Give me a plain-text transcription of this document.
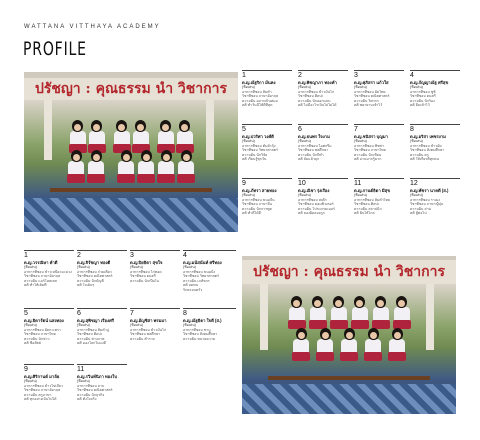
WATTANA VITTHAYA ACADEMY
PROFILE
ปรัชญา : คุณธรรม นำ วิชาการ
1
ด.ญ.ณัฐริกา มั่นคง
(ชื่อเล่น)
อาหารที่ชอบ ส้มตำ
วิชาที่ชอบ ภาษาอังกฤษ
ความฝัน อยากเป็นหมอ
คติ ทำวันนี้ให้ดีที่สุด
2
ด.ญ.พิชญาภา ทองคำ
(ชื่อเล่น)
อาหารที่ชอบ ข้าวมันไก่
วิชาที่ชอบ ศิลปะ
ความฝัน นักออกแบบ
คติ ไม่มีอะไรเป็นไปไม่ได้
3
ด.ญ.ศุภิสรา แก้วใส
(ชื่อเล่น)
อาหารที่ชอบ ผัดไทย
วิชาที่ชอบ คณิตศาสตร์
ความฝัน วิศวกร
คติ พยายามเข้าไว้
4
ด.ญ.กัญญาณัฐ ศรีสุข
(ชื่อเล่น)
อาหารที่ชอบ ซูชิ
วิชาที่ชอบ ดนตรี
ความฝัน นักร้อง
คติ ยิ้มเข้าไว้
5
ด.ญ.ปวริศา วงศ์ดี
(ชื่อเล่น)
อาหารที่ชอบ ต้มยำกุ้ง
วิชาที่ชอบ วิทยาศาสตร์
ความฝัน นักวิจัย
คติ เรียนรู้ทุกวัน
6
ด.ญ.ธนพร ใจงาม
(ชื่อเล่น)
อาหารที่ชอบ ไอศกรีม
วิชาที่ชอบ พลศึกษา
ความฝัน นักกีฬา
คติ ล้มแล้วลุก
7
ด.ญ.ชนิสรา บุญมา
(ชื่อเล่น)
อาหารที่ชอบ พิซซ่า
วิชาที่ชอบ ภาษาไทย
ความฝัน นักเขียน
คติ อ่านมากรู้มาก
8
ด.ญ.อริสา เพชรงาม
(ชื่อเล่น)
อาหารที่ชอบ ข้าวผัด
วิชาที่ชอบ สังคมศึกษา
ความฝัน ครู
คติ ให้เกียรติทุกคน
9
ด.ญ.ภัทรา สายทอง
(ชื่อเล่น)
อาหารที่ชอบ ขนมจีน
วิชาที่ชอบ ภาษาจีน
ความฝัน นักการทูต
คติ ทำดีได้ดี
10
ด.ญ.ณิชา รุ่งเรือง
(ชื่อเล่น)
อาหารที่ชอบ สเต๊ก
วิชาที่ชอบ คอมพิวเตอร์
ความฝัน โปรแกรมเมอร์
คติ ลองผิดลองถูก
11
ด.ญ.กานต์ธิดา มีสุข
(ชื่อเล่น)
อาหารที่ชอบ ส้มตำไทย
วิชาที่ชอบ ศิลปะ
ความฝัน สถาปนิก
คติ ฝันให้ไกล
12
ด.ญ.พัชรา นาคดี (ส.)
(ชื่อเล่น)
อาหารที่ชอบ ราเมง
วิชาที่ชอบ ภาษาญี่ปุ่น
ความฝัน ล่าม
คติ สู้ต่อไป
1
ด.ญ.วรรณิษา คำดี
(ชื่อเล่น)
อาหารที่ชอบ ข้าวเหนียวมะม่วง
วิชาที่ชอบ ภาษาอังกฤษ
ความฝัน แอร์โฮสเตส
คติ ทำให้เต็มที่
2
ด.ญ.จิรัชญา ทองดี
(ชื่อเล่น)
อาหารที่ชอบ ก๋วยเตี๋ยว
วิชาที่ชอบ คณิตศาสตร์
ความฝัน นักบัญชี
คติ ใจเย็นๆ
3
ด.ญ.ปิยธิดา สุขใจ
(ชื่อเล่น)
อาหารที่ชอบ ไก่ทอด
วิชาที่ชอบ ดนตรี
ความฝัน นักเปียโน
4
ด.ญ.มนัสนันท์ ศรีทอง
(ชื่อเล่น)
อาหารที่ชอบ ขนมปัง
วิชาที่ชอบ วิทยาศาสตร์
ความฝัน เภสัชกร
คติ อดทน
รักครอบครัว
5
ด.ญ.ธิดารัตน์ แสงทอง
(ชื่อเล่น)
อาหารที่ชอบ ผัดกะเพรา
วิชาที่ชอบ ภาษาไทย
ความฝัน นักข่าว
คติ ซื่อสัตย์
6
ด.ญ.สุพิชญา เรืองศรี
(ชื่อเล่น)
อาหารที่ชอบ ส้มตำปู
วิชาที่ชอบ ศิลปะ
ความฝัน ช่างภาพ
คติ มองโลกในแง่ดี
7
ด.ญ.อัญชิสา พรมมา
(ชื่อเล่น)
อาหารที่ชอบ ข้าวมันไก่
วิชาที่ชอบ พลศึกษา
ความฝัน ตำรวจ
8
ด.ญ.ณัฐธิดา ใจดี (ส.)
(ชื่อเล่น)
อาหารที่ชอบ ชาบู
วิชาที่ชอบ สังคมศึกษา
ความฝัน ทนายความ
9
ด.ญ.ศิริกานต์ มาลัย
(ชื่อเล่น)
อาหารที่ชอบ ข้าวไข่เจียว
วิชาที่ชอบ ภาษาอังกฤษ
ความฝัน ครูภาษา
คติ ทุกอย่างเป็นไปได้
11
ด.ญ.รวินท์นิภา ทองใบ
(ชื่อเล่น)
อาหารที่ชอบ ลาบ
วิชาที่ชอบ คณิตศาสตร์
ความฝัน นักธุรกิจ
คติ ตั้งใจจริง
ปรัชญา : คุณธรรม นำ วิชาการ
